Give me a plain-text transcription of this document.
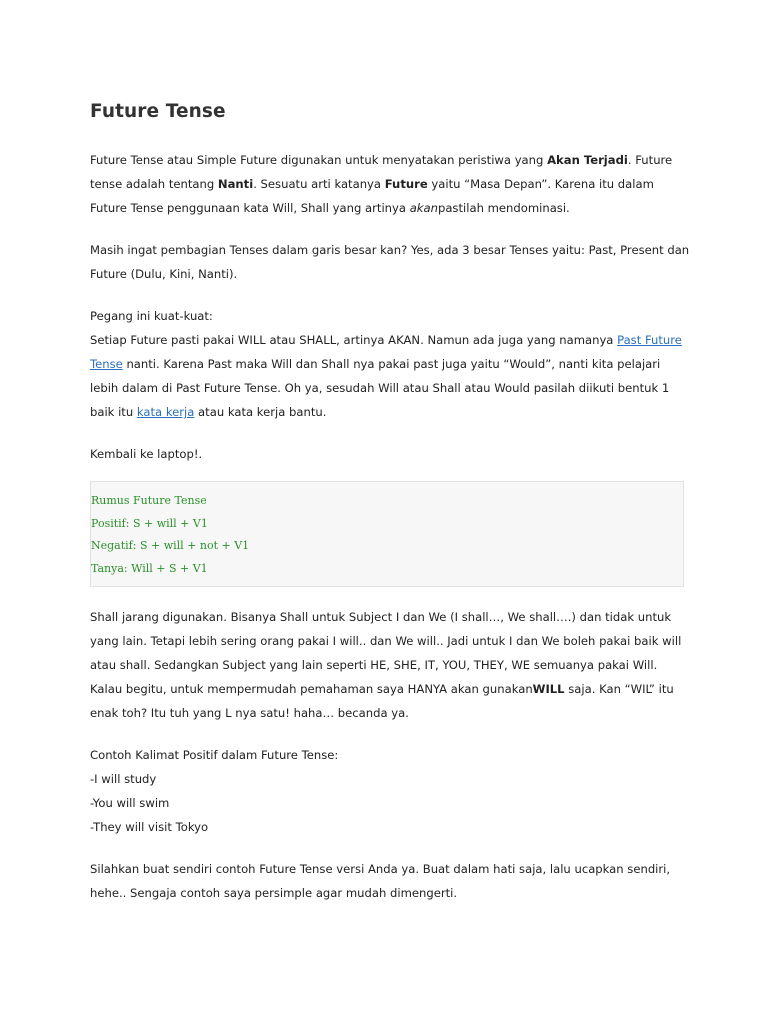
Future Tense

Future Tense atau Simple Future digunakan untuk menyatakan peristiwa yang Akan Terjadi. Future tense adalah tentang Nanti. Sesuatu arti katanya Future yaitu “Masa Depan”. Karena itu dalam Future Tense penggunaan kata Will, Shall yang artinya akanpastilah mendominasi.

Masih ingat pembagian Tenses dalam garis besar kan? Yes, ada 3 besar Tenses yaitu: Past, Present dan Future (Dulu, Kini, Nanti).

Pegang ini kuat-kuat:
Setiap Future pasti pakai WILL atau SHALL, artinya AKAN. Namun ada juga yang namanya Past Future Tense nanti. Karena Past maka Will dan Shall nya pakai past juga yaitu “Would”, nanti kita pelajari lebih dalam di Past Future Tense. Oh ya, sesudah Will atau Shall atau Would pasilah diikuti bentuk 1 baik itu kata kerja atau kata kerja bantu.

Kembali ke laptop!.

Rumus Future Tense
Positif: S + will + V1
Negatif: S + will + not + V1
Tanya: Will + S + V1

Shall jarang digunakan. Bisanya Shall untuk Subject I dan We (I shall…, We shall….) dan tidak untuk yang lain. Tetapi lebih sering orang pakai I will.. dan We will.. Jadi untuk I dan We boleh pakai baik will atau shall. Sedangkan Subject yang lain seperti HE, SHE, IT, YOU, THEY, WE semuanya pakai Will. Kalau begitu, untuk mempermudah pemahaman saya HANYA akan gunakanWILL saja. Kan “WIL” itu enak toh? Itu tuh yang L nya satu! haha… becanda ya.

Contoh Kalimat Positif dalam Future Tense:
-I will study
-You will swim
-They will visit Tokyo

Silahkan buat sendiri contoh Future Tense versi Anda ya. Buat dalam hati saja, lalu ucapkan sendiri, hehe.. Sengaja contoh saya persimple agar mudah dimengerti.
